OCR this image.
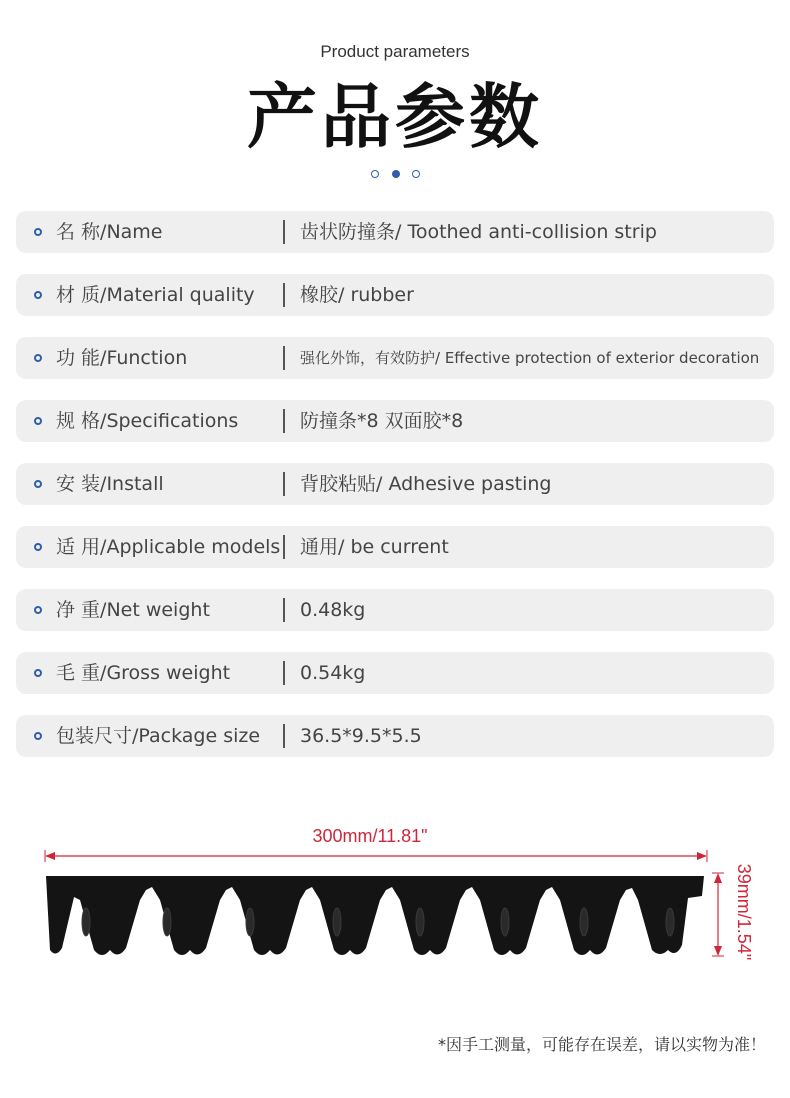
Product parameters
产品参数
名 称/Name	齿状防撞条/ Toothed anti-collision strip
材 质/Material quality 橡胶/ rubber
功 能/Function	强化外饰，有效防护/ Effective protection of exterior decoration
规 格/Specifications	防撞条*8 双面胶*8
安 装/Install	背胶粘贴/ Adhesive pasting
适 用/Applicable models 通用/ be current
净 重/Net weight	0.48kg
毛 重/Gross weight	0.54kg
包装尺寸/Package size 36.5*9.5*5.5
300mm/11.81"
39mm/1.54"
*因手工测量，可能存在误差，请以实物为准！
